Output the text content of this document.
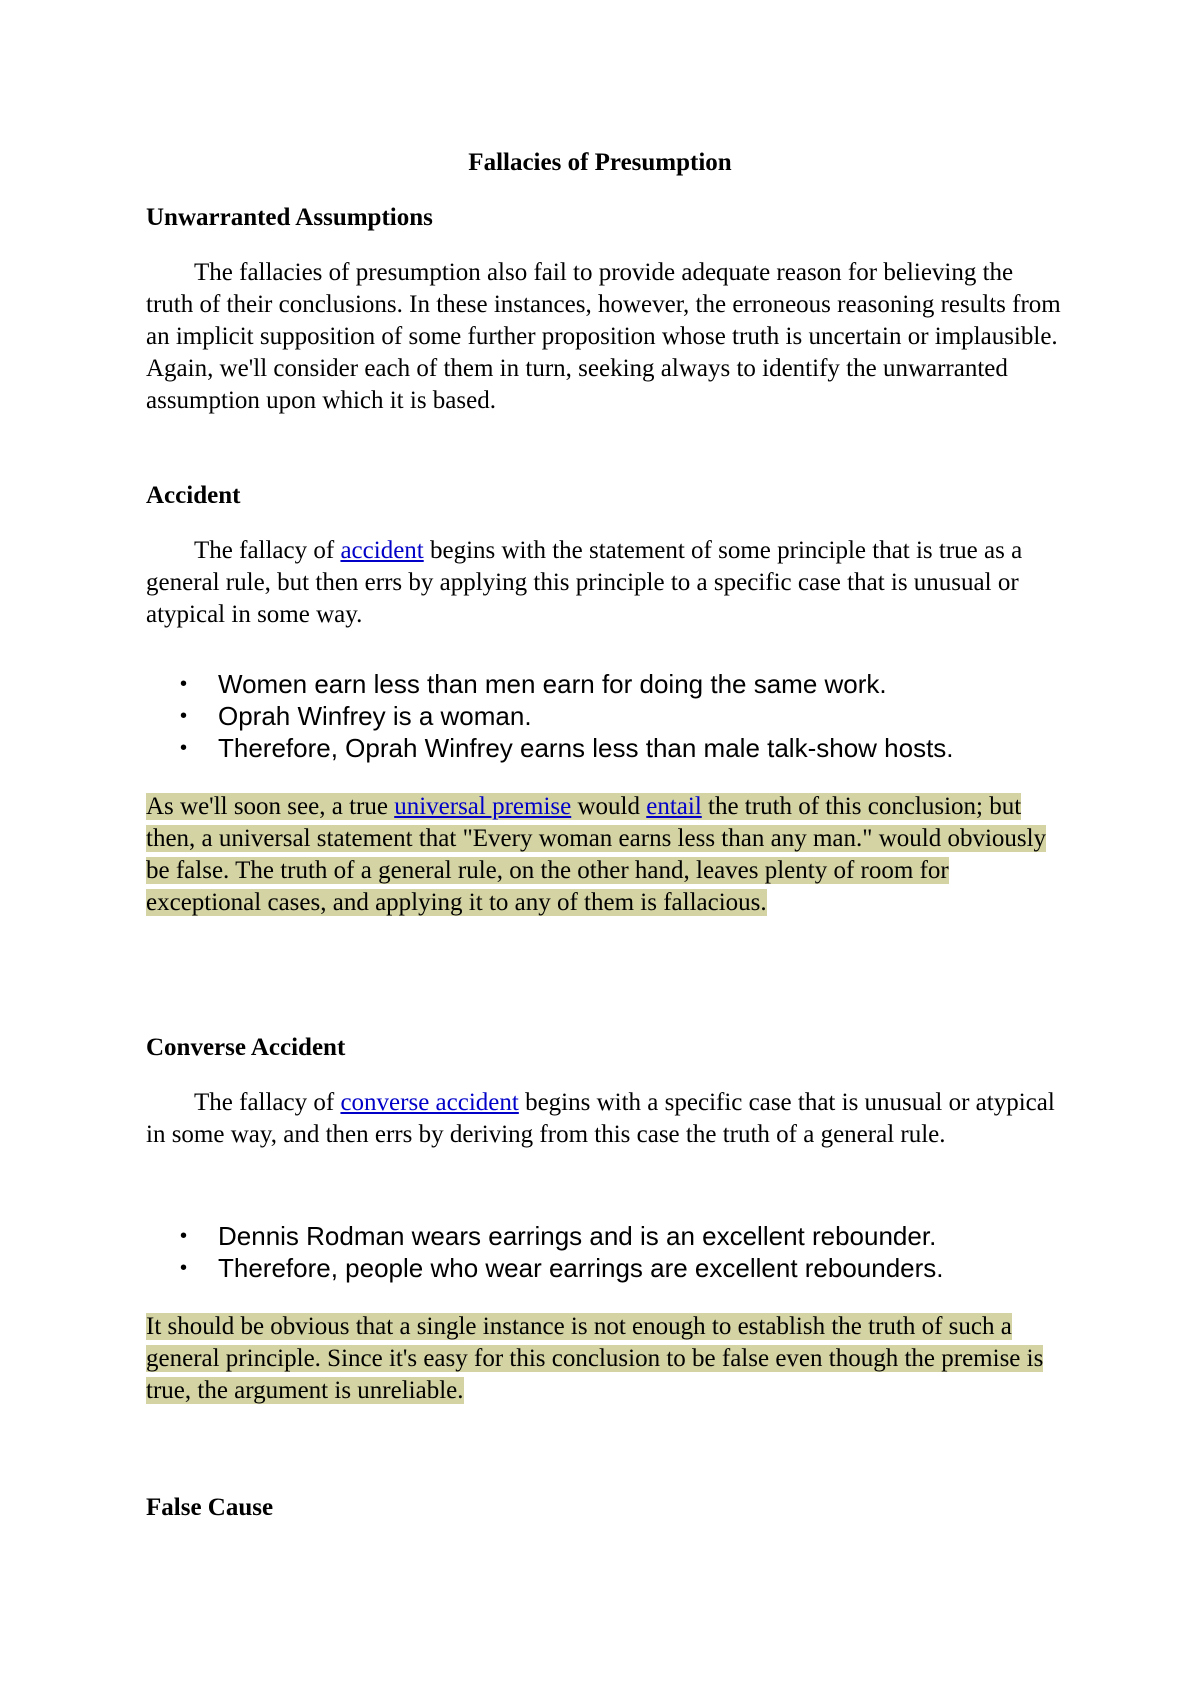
Fallacies of Presumption
Unwarranted Assumptions

The fallacies of presumption also fail to provide adequate reason for believing the truth of their conclusions. In these instances, however, the erroneous reasoning results from an implicit supposition of some further proposition whose truth is uncertain or implausible. Again, we'll consider each of them in turn, seeking always to identify the unwarranted assumption upon which it is based.

Accident

The fallacy of accident begins with the statement of some principle that is true as a general rule, but then errs by applying this principle to a specific case that is unusual or atypical in some way.

• Women earn less than men earn for doing the same work.
• Oprah Winfrey is a woman.
• Therefore, Oprah Winfrey earns less than male talk-show hosts.

As we'll soon see, a true universal premise would entail the truth of this conclusion; but then, a universal statement that "Every woman earns less than any man." would obviously be false. The truth of a general rule, on the other hand, leaves plenty of room for exceptional cases, and applying it to any of them is fallacious.

Converse Accident

The fallacy of converse accident begins with a specific case that is unusual or atypical in some way, and then errs by deriving from this case the truth of a general rule.

• Dennis Rodman wears earrings and is an excellent rebounder.
• Therefore, people who wear earrings are excellent rebounders.

It should be obvious that a single instance is not enough to establish the truth of such a general principle. Since it's easy for this conclusion to be false even though the premise is true, the argument is unreliable.

False Cause
